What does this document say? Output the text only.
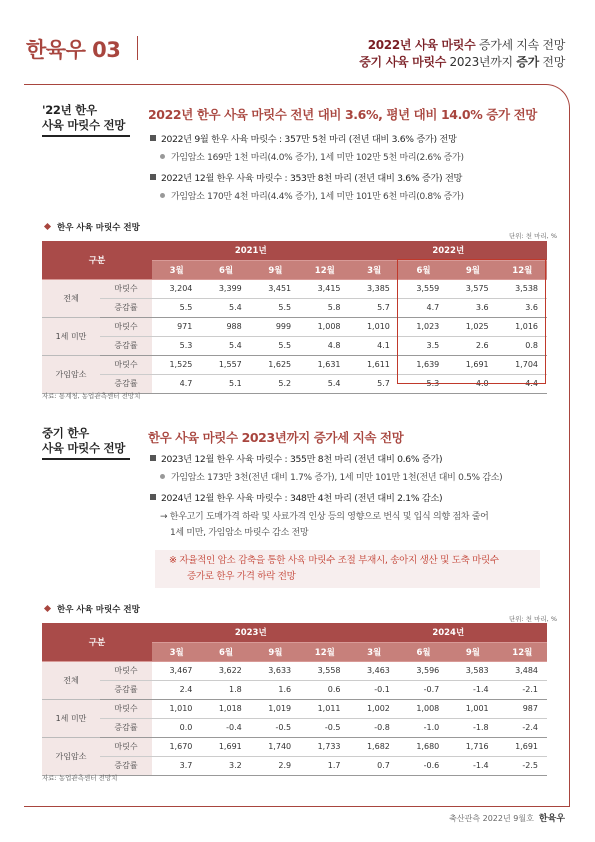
한육우 03	2022년 사육 마릿수 증가세 지속 전망
중기 사육 마릿수 2023년까지 증가 전망
'22년 한우
사육 마릿수 전망
2022년 한우 사육 마릿수 전년 대비 3.6%, 평년 대비 14.0% 증가 전망
2022년 9월 한우 사육 마릿수 : 357만 5천 마리 (전년 대비 3.6% 증가) 전망
가임암소 169만 1천 마리(4.0% 증가), 1세 미만 102만 5천 마리(2.6% 증가)
2022년 12월 한우 사육 마릿수 : 353만 8천 마리 (전년 대비 3.6% 증가) 전망
가임암소 170만 4천 마리(4.4% 증가), 1세 미만 101만 6천 마리(0.8% 증가)
한우 사육 마릿수 전망
단위: 천 마리, %
구분		2021년				2022년			
		3월	6월	9월	12월	3월	6월	9월	12월
전체	마릿수	3,204	3,399	3,451	3,415	3,385	3,559	3,575	3,538
	증감률	5.5	5.4	5.5	5.8	5.7	4.7	3.6	3.6
1세 미만	마릿수	971	988	999	1,008	1,010	1,023	1,025	1,016
	증감률	5.3	5.4	5.5	4.8	4.1	3.5	2.6	0.8
가임암소	마릿수	1,525	1,557	1,625	1,631	1,611	1,639	1,691	1,704
	증감률	4.7	5.1	5.2	5.4	5.7	5.3	4.0	4.4
자료: 통계청, 농업관측센터 전망치
중기 한우
사육 마릿수 전망
한우 사육 마릿수 2023년까지 증가세 지속 전망
2023년 12월 한우 사육 마릿수 : 355만 8천 마리 (전년 대비 0.6% 증가)
가임암소 173만 3천(전년 대비 1.7% 증가), 1세 미만 101만 1천(전년 대비 0.5% 감소)
2024년 12월 한우 사육 마릿수 : 348만 4천 마리 (전년 대비 2.1% 감소)
→ 한우고기 도매가격 하락 및 사료가격 인상 등의 영향으로 번식 및 입식 의향 점차 줄어
1세 미만, 가임암소 마릿수 감소 전망
※ 자율적인 암소 감축을 통한 사육 마릿수 조절 부재시, 송아지 생산 및 도축 마릿수
증가로 한우 가격 하락 전망
한우 사육 마릿수 전망
단위: 천 마리, %
구분		2023년				2024년			
		3월	6월	9월	12월	3월	6월	9월	12월
전체	마릿수	3,467	3,622	3,633	3,558	3,463	3,596	3,583	3,484
	증감률	2.4	1.8	1.6	0.6	-0.1	-0.7	-1.4	-2.1
1세 미만	마릿수	1,010	1,018	1,019	1,011	1,002	1,008	1,001	987
	증감률	0.0	-0.4	-0.5	-0.5	-0.8	-1.0	-1.8	-2.4
가임암소	마릿수	1,670	1,691	1,740	1,733	1,682	1,680	1,716	1,691
	증감률	3.7	3.2	2.9	1.7	0.7	-0.6	-1.4	-2.5
자료: 농업관측센터 전망치
축산관측 2022년 9월호 한육우
